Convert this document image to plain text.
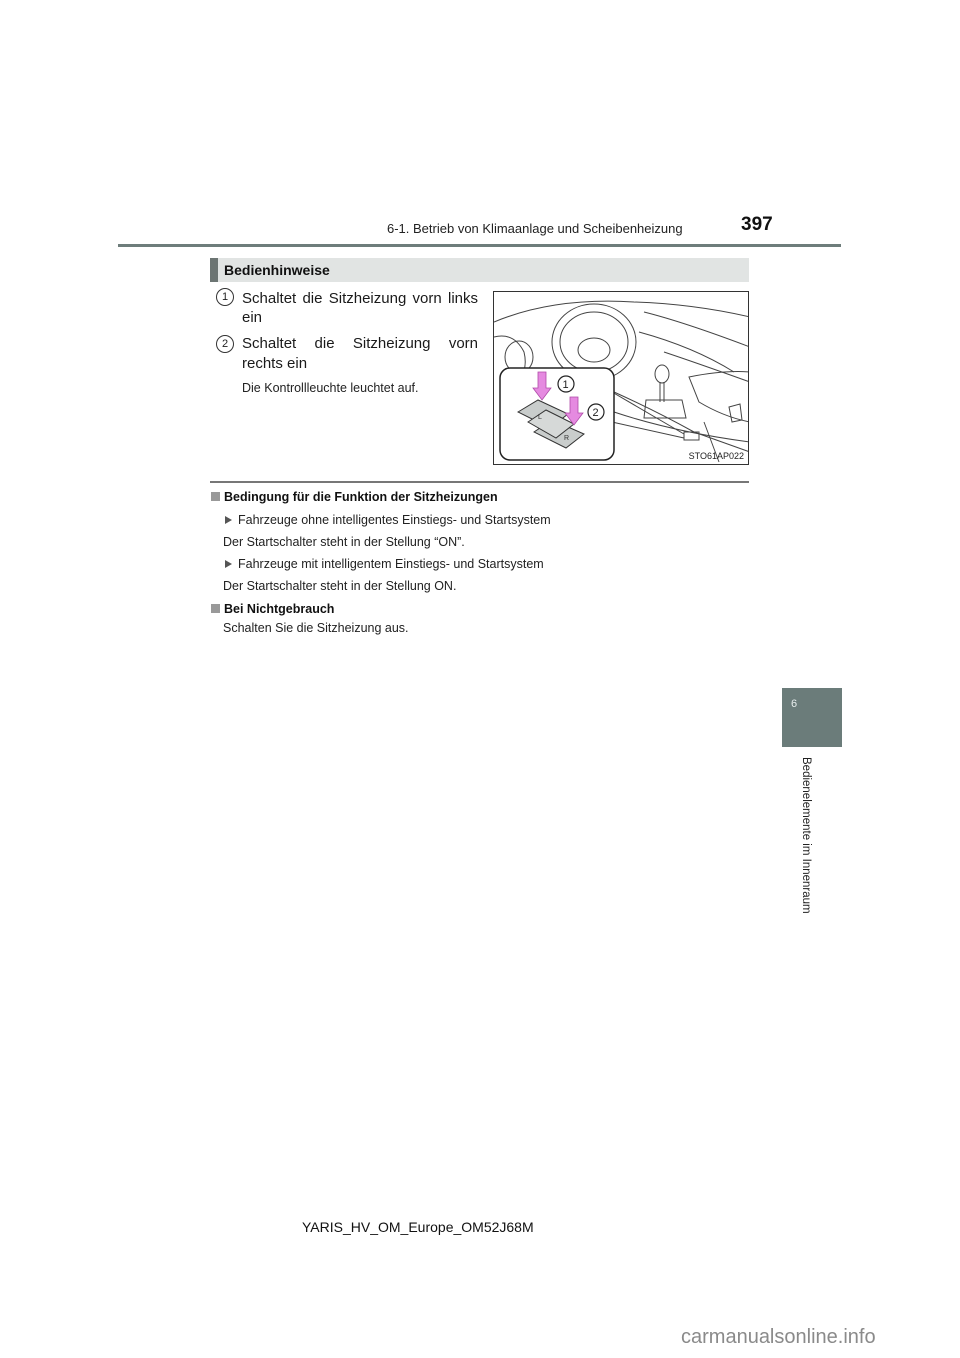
6-1. Betrieb von Klimaanlage und Scheibenheizung	397
Bedienhinweise
1 Schaltet die Sitzheizung vorn links
ein
2 Schaltet die Sitzheizung vorn
rechts ein
Die Kontrollleuchte leuchtet auf.
L
R
1
2
STO61AP022
Bedingung für die Funktion der Sitzheizungen
Fahrzeuge ohne intelligentes Einstiegs- und Startsystem
Der Startschalter steht in der Stellung “ON”.
Fahrzeuge mit intelligentem Einstiegs- und Startsystem
Der Startschalter steht in der Stellung ON.
Bei Nichtgebrauch
Schalten Sie die Sitzheizung aus.
6
Bedienelemente im Innenraum
YARIS_HV_OM_Europe_OM52J68M
carmanualsonline.info
